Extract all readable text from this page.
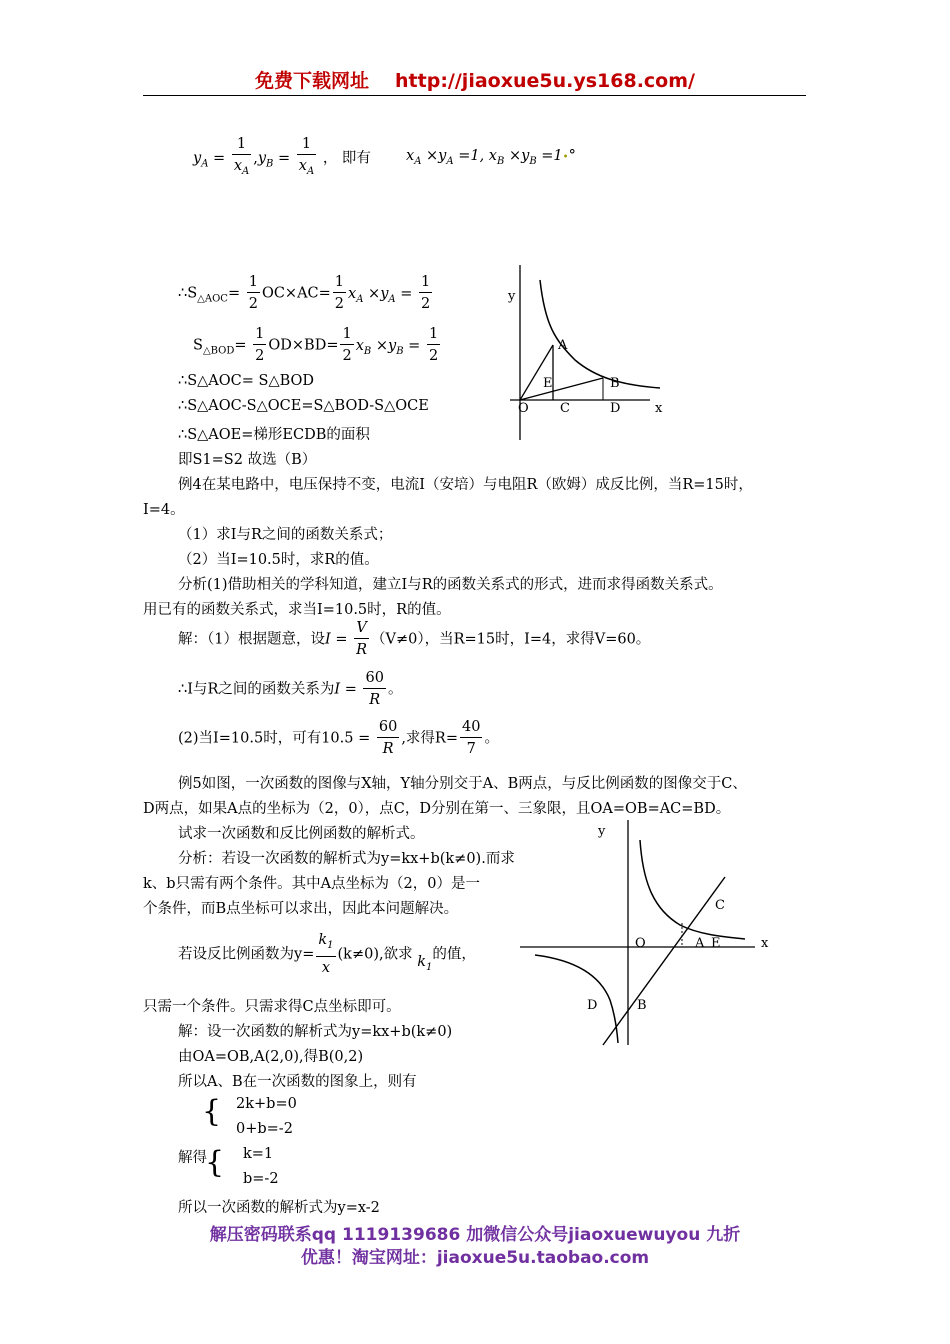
免费下载网址 http://jiaoxue5u.ys168.com/
$y_A = \frac{1}{x_A} ,y_B = \frac{1}{x_A}$ ， 即有 $x_A \times y_A =1$, $x_B \times y_B$ =1•°
$\therefore S_{\triangle AOC}= \frac{1}{2} OC\times AC= \frac{1}{2} x_A \times y_A = \frac{1}{2}$
$S_{\triangle BOD}= \frac{1}{2} OD\times BD= \frac{1}{2} x_B \times y_B = \frac{1}{2}$
∴S△AOC= S△BOD
∴S△AOC-S△OCE=S△BOD-S△OCE
∴S△AOE=梯形ECDB的面积
即S1=S2 故选（B）
例4在某电路中，电压保持不变，电流I（安培）与电阻R（欧姆）成反比例，当R=15时，
I=4。
（1）求I与R之间的函数关系式；
（2）当I=10.5时，求R的值。
分析(1)借助相关的学科知道，建立I与R的函数关系式的形式，进而求得函数关系式。
用已有的函数关系式，求当I=10.5时，R的值。
解：（1）根据题意，设$I = \frac{V}{R} (V\ne 0)$，当R=15时，I=4，求得V=60。
∴I与R之间的函数关系为$I = \frac{60}{R}$ 。
(2)当I=10.5时，可有$10.5 = \frac{60}{R}$ ,求得$R= \frac{40}{7}$ 。
例5如图，一次函数的图像与X轴，Y轴分别交于A、B两点，与反比例函数的图像交于C、
D两点，如果A点的坐标为（2，0），点C，D分别在第一、三象限，且OA=OB=AC=BD。
试求一次函数和反比例函数的解析式。
分析：若设一次函数的解析式为y=kx+b(k≠0).而求
k、b只需有两个条件。其中A点坐标为（2，0）是一
个条件，而B点坐标可以求出，因此本问题解决。
若设反比例函数为$y= \frac{k_1}{x} (k\ne 0)$,欲求 $k_1$的值，
只需一个条件。只需求得C点坐标即可。
解：设一次函数的解析式为y=kx+b(k≠0)
由OA=OB,A(2,0),得B(0,2)
所以A、B在一次函数的图象上，则有
{ 2k+b=0
0+b=-2
解得
{ k=1
b=-2
所以一次函数的解析式为y=x-2
y
x
O
A
B
C	D
E
y
x
O	A E
C
D	B
解压密码联系qq 1119139686 加微信公众号jiaoxuewuyou 九折
优惠！淘宝网址：jiaoxue5u.taobao.com
